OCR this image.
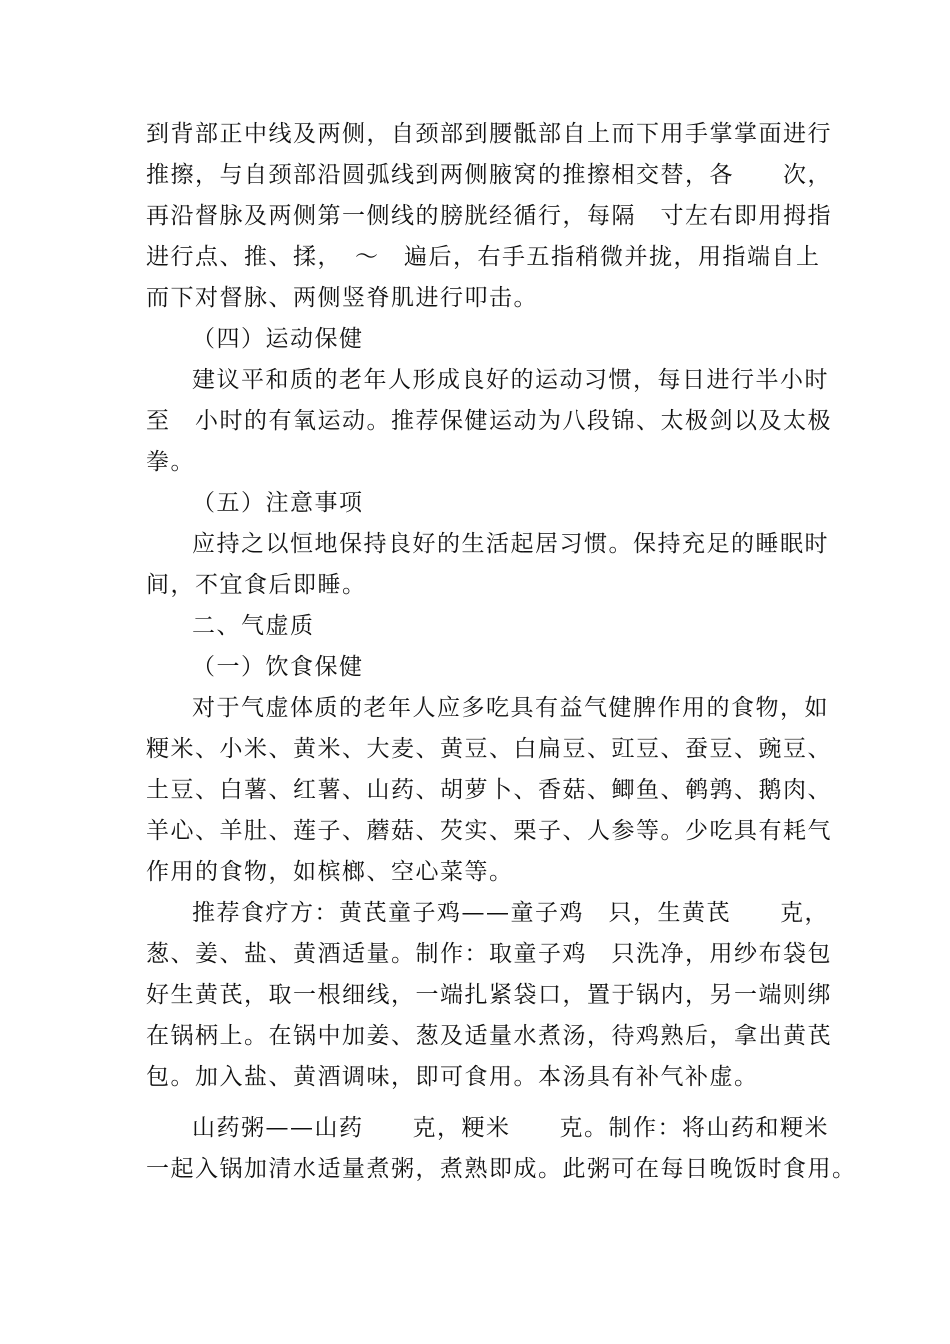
到背部正中线及两侧，自颈部到腰骶部自上而下用手掌掌面进行
推擦，与自颈部沿圆弧线到两侧腋窝的推擦相交替，各　　次，
再沿督脉及两侧第一侧线的膀胱经循行，每隔　寸左右即用拇指
进行点、推、揉，　～　遍后，右手五指稍微并拢，用指端自上
而下对督脉、两侧竖脊肌进行叩击。
（四）运动保健
建议平和质的老年人形成良好的运动习惯，每日进行半小时
至　小时的有氧运动。推荐保健运动为八段锦、太极剑以及太极
拳。
（五）注意事项
应持之以恒地保持良好的生活起居习惯。保持充足的睡眠时
间，不宜食后即睡。
二、气虚质
（一）饮食保健
对于气虚体质的老年人应多吃具有益气健脾作用的食物，如
粳米、小米、黄米、大麦、黄豆、白扁豆、豇豆、蚕豆、豌豆、
土豆、白薯、红薯、山药、胡萝卜、香菇、鲫鱼、鹌鹑、鹅肉、
羊心、羊肚、莲子、蘑菇、芡实、栗子、人参等。少吃具有耗气
作用的食物，如槟榔、空心菜等。
推荐食疗方：黄芪童子鸡——童子鸡　只，生黄芪　　克，
葱、姜、盐、黄酒适量。制作：取童子鸡　只洗净，用纱布袋包
好生黄芪，取一根细线，一端扎紧袋口，置于锅内，另一端则绑
在锅柄上。在锅中加姜、葱及适量水煮汤，待鸡熟后，拿出黄芪
包。加入盐、黄酒调味，即可食用。本汤具有补气补虚。
山药粥——山药　　克，粳米　　克。制作：将山药和粳米
一起入锅加清水适量煮粥，煮熟即成。此粥可在每日晚饭时食用。
